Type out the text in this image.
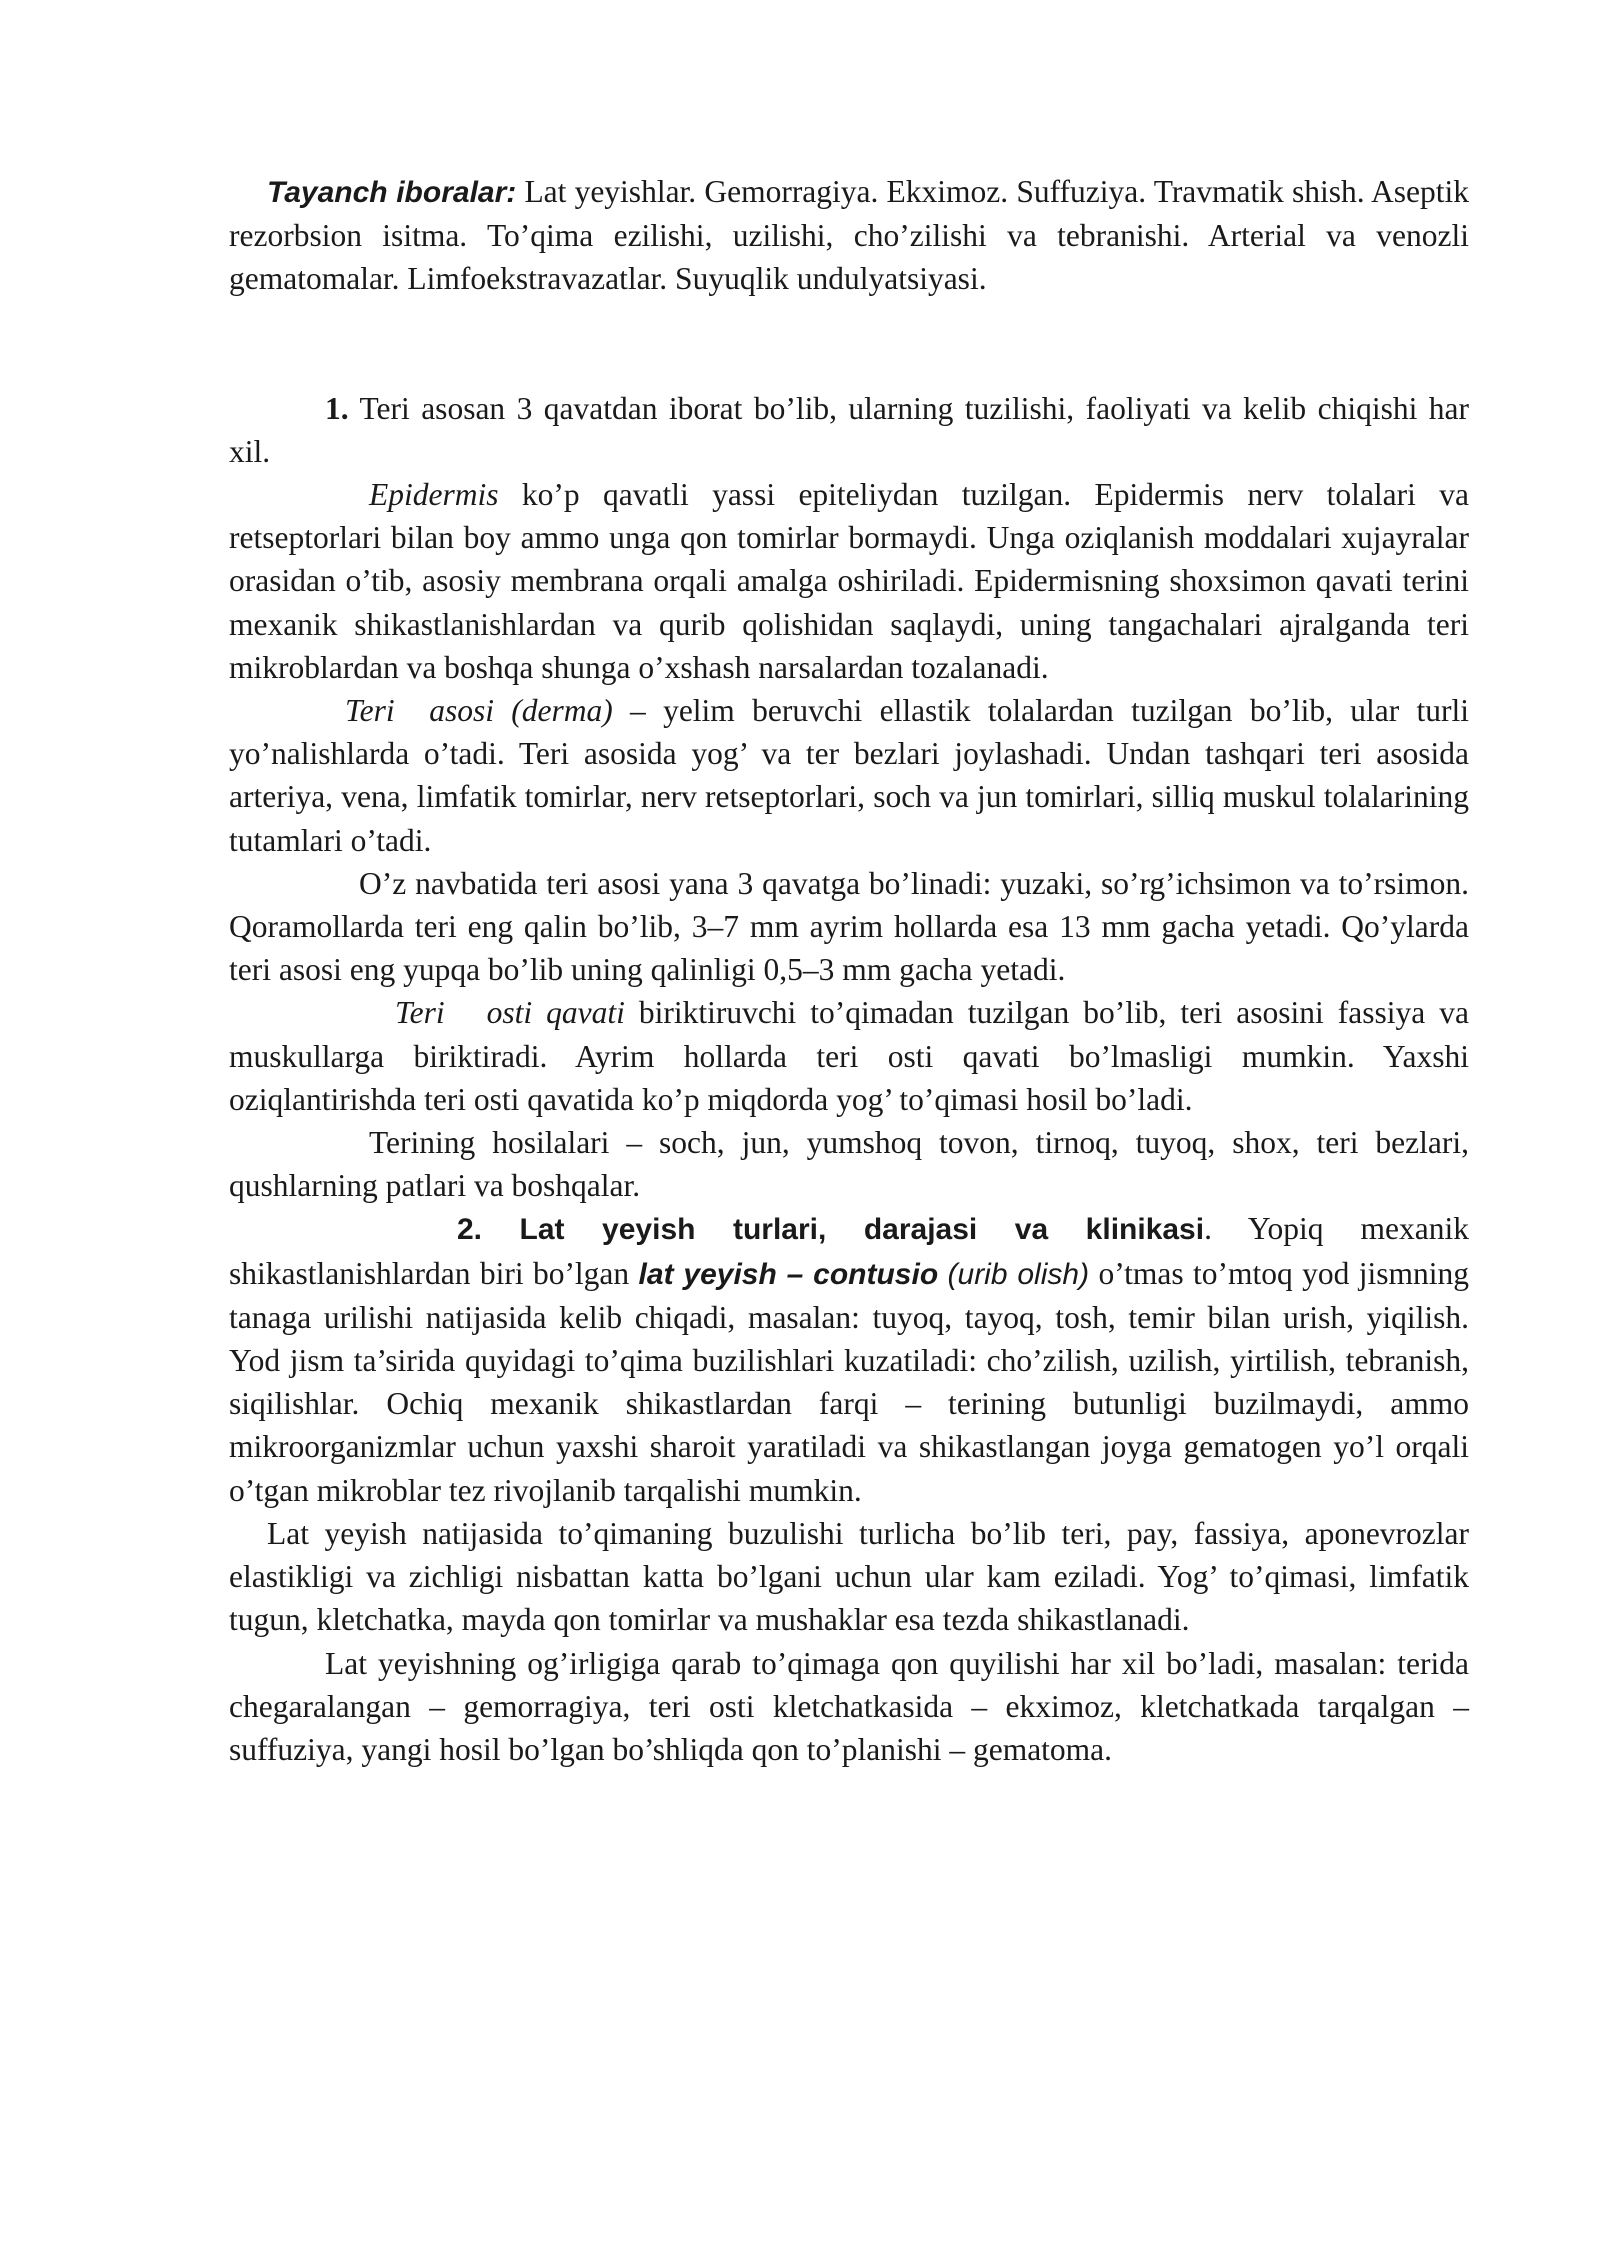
Tayanch iboralar: Lat yeyishlar. Gemorragiya. Ekximoz. Suffuziya. Travmatik shish. Aseptik rezorbsion isitma. To’qima ezilishi, uzilishi, cho’zilishi va tebranishi. Arterial va venozli gematomalar. Limfoekstravazatlar. Suyuqlik undulyatsiyasi.

1. Teri asosan 3 qavatdan iborat bo’lib, ularning tuzilishi, faoliyati va kelib chiqishi har xil.

Epidermis ko’p qavatli yassi epiteliydan tuzilgan. Epidermis nerv tolalari va retseptorlari bilan boy ammo unga qon tomirlar bormaydi. Unga oziqlanish moddalari xujayralar orasidan o’tib, asosiy membrana orqali amalga oshiriladi. Epidermisning shoxsimon qavati terini mexanik shikastlanishlardan va qurib qolishidan saqlaydi, uning tangachalari ajralganda teri mikroblardan va boshqa shunga o’xshash narsalardan tozalanadi.

Teri  asosi (derma) – yelim beruvchi ellastik tolalardan tuzilgan bo’lib, ular turli yo’nalishlarda o’tadi. Teri asosida yog’ va ter bezlari joylashadi. Undan tashqari teri asosida arteriya, vena, limfatik tomirlar, nerv retseptorlari, soch va jun tomirlari, silliq muskul tolalarining tutamlari o’tadi.

O’z navbatida teri asosi yana 3 qavatga bo’linadi: yuzaki, so’rg’ichsimon va to’rsimon. Qoramollarda teri eng qalin bo’lib, 3–7 mm ayrim hollarda esa 13 mm gacha yetadi. Qo’ylarda teri asosi eng yupqa bo’lib uning qalinligi 0,5–3 mm gacha yetadi.

Teri   osti qavati biriktiruvchi to’qimadan tuzilgan bo’lib, teri asosini fassiya va muskullarga biriktiradi. Ayrim hollarda teri osti qavati bo’lmasligi mumkin. Yaxshi oziqlantirishda teri osti qavatida ko’p miqdorda yog’ to’qimasi hosil bo’ladi.

Terining hosilalari – soch, jun, yumshoq tovon, tirnoq, tuyoq, shox, teri bezlari, qushlarning patlari va boshqalar.

2. Lat yeyish turlari, darajasi va klinikasi. Yopiq mexanik shikastlanishlardan biri bo’lgan lat yeyish – contusio (urib olish) o’tmas to’mtoq yod jismning tanaga urilishi natijasida kelib chiqadi, masalan: tuyoq, tayoq, tosh, temir bilan urish, yiqilish. Yod jism ta’sirida quyidagi to’qima buzilishlari kuzatiladi: cho’zilish, uzilish, yirtilish, tebranish, siqilishlar. Ochiq mexanik shikastlardan farqi – terining butunligi buzilmaydi, ammo mikroorganizmlar uchun yaxshi sharoit yaratiladi va shikastlangan joyga gematogen yo’l orqali o’tgan mikroblar tez rivojlanib tarqalishi mumkin.

Lat yeyish natijasida to’qimaning buzulishi turlicha bo’lib teri, pay, fassiya, aponevrozlar elastikligi va zichligi nisbattan katta bo’lgani uchun ular kam eziladi. Yog’ to’qimasi, limfatik tugun, kletchatka, mayda qon tomirlar va mushaklar esa tezda shikastlanadi.

Lat yeyishning og’irligiga qarab to’qimaga qon quyilishi har xil bo’ladi, masalan: terida chegaralangan – gemorragiya, teri osti kletchatkasida – ekximoz, kletchatkada tarqalgan – suffuziya, yangi hosil bo’lgan bo’shliqda qon to’planishi – gematoma.
